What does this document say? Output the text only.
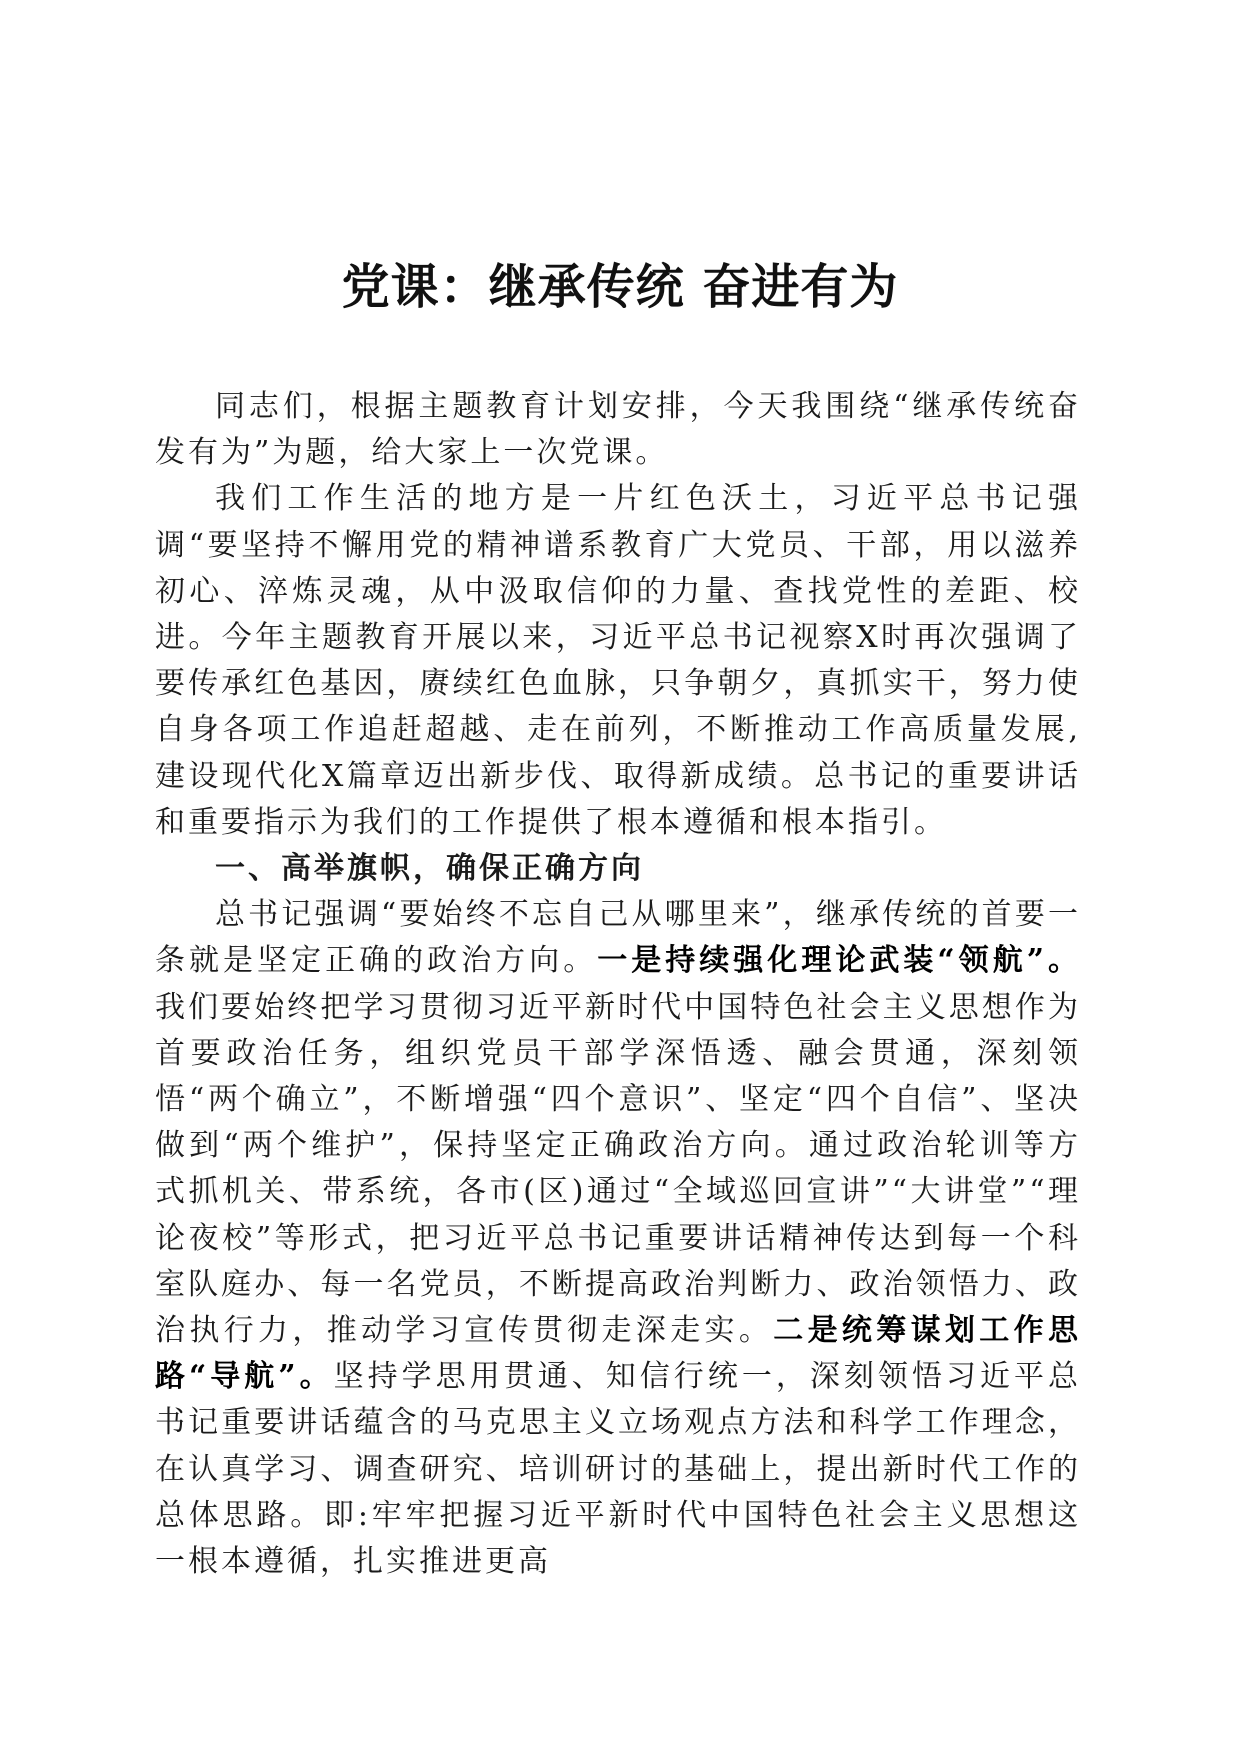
党课：继承传统 奋进有为

同志们，根据主题教育计划安排，今天我围绕“继承传统奋发有为”为题，给大家上一次党课。

我们工作生活的地方是一片红色沃土，习近平总书记强调“要坚持不懈用党的精神谱系教育广大党员、干部，用以滋养初心、淬炼灵魂，从中汲取信仰的力量、查找党性的差距、校进。今年主题教育开展以来，习近平总书记视察X时再次强调了要传承红色基因，赓续红色血脉，只争朝夕，真抓实干，努力使自身各项工作追赶超越、走在前列，不断推动工作高质量发展,建设现代化X篇章迈出新步伐、取得新成绩。总书记的重要讲话和重要指示为我们的工作提供了根本遵循和根本指引。

一、高举旗帜，确保正确方向

总书记强调“要始终不忘自己从哪里来”，继承传统的首要一条就是坚定正确的政治方向。一是持续强化理论武装“领航”。我们要始终把学习贯彻习近平新时代中国特色社会主义思想作为首要政治任务，组织党员干部学深悟透、融会贯通，深刻领悟“两个确立”，不断增强“四个意识”、坚定“四个自信”、坚决做到“两个维护”，保持坚定正确政治方向。通过政治轮训等方式抓机关、带系统，各市(区)通过“全域巡回宣讲”“大讲堂”“理论夜校”等形式，把习近平总书记重要讲话精神传达到每一个科室队庭办、每一名党员，不断提高政治判断力、政治领悟力、政治执行力，推动学习宣传贯彻走深走实。二是统筹谋划工作思路“导航”。坚持学思用贯通、知信行统一，深刻领悟习近平总书记重要讲话蕴含的马克思主义立场观点方法和科学工作理念，在认真学习、调查研究、培训研讨的基础上，提出新时代工作的总体思路。即:牢牢把握习近平新时代中国特色社会主义思想这一根本遵循，扎实推进更高
